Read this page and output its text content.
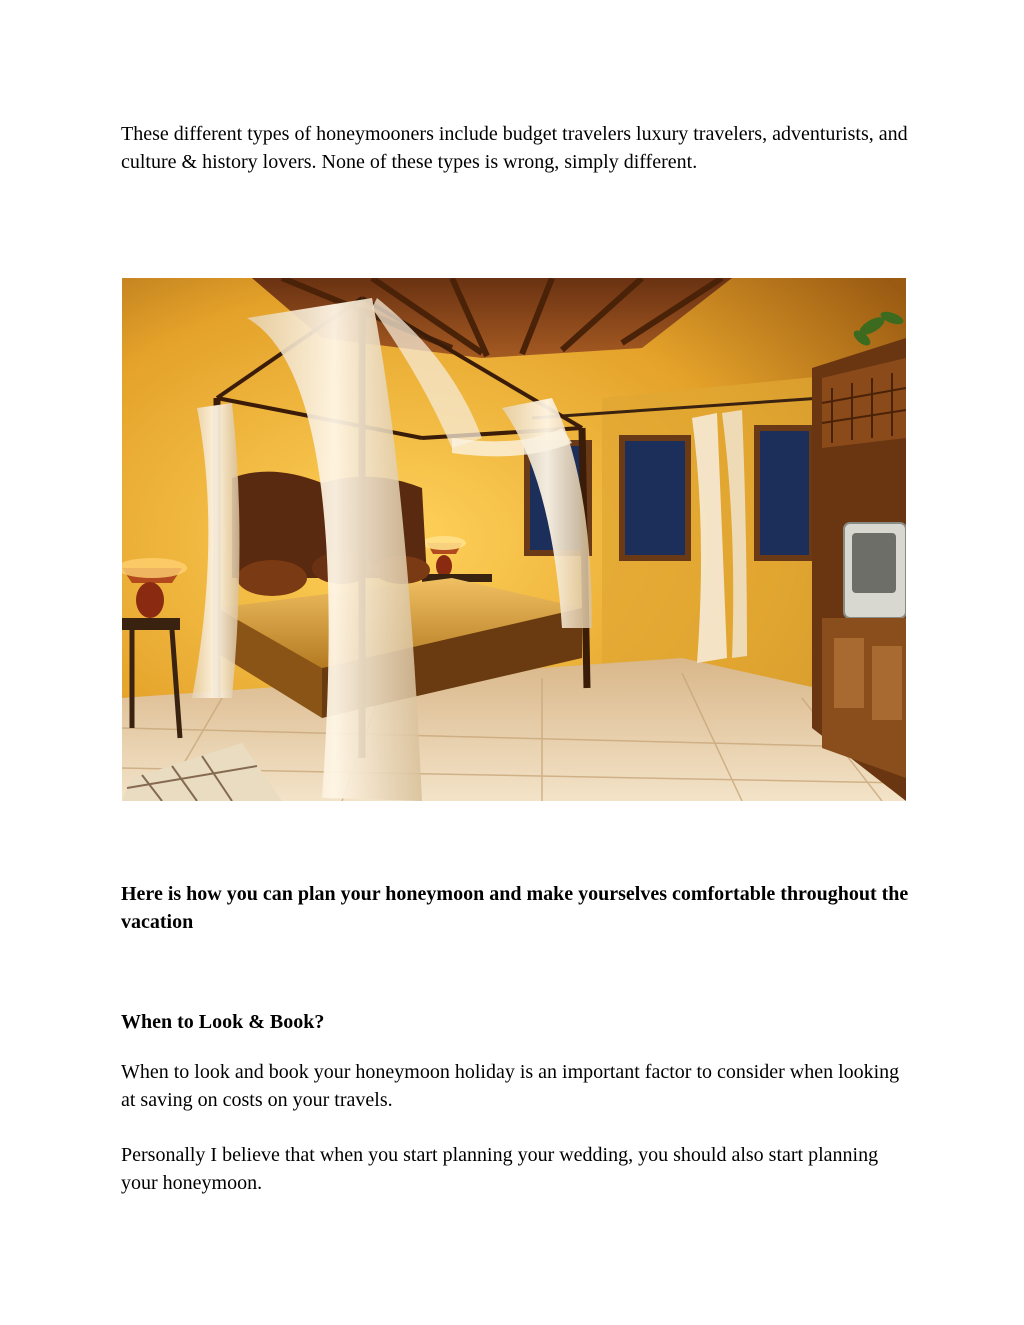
These different types of honeymooners include budget travelers luxury travelers, adventurists, and culture & history lovers. None of these types is wrong, simply different.

Here is how you can plan your honeymoon and make yourselves comfortable throughout the vacation

When to Look & Book?

When to look and book your honeymoon holiday is an important factor to consider when looking at saving on costs on your travels.

Personally I believe that when you start planning your wedding, you should also start planning your honeymoon.
